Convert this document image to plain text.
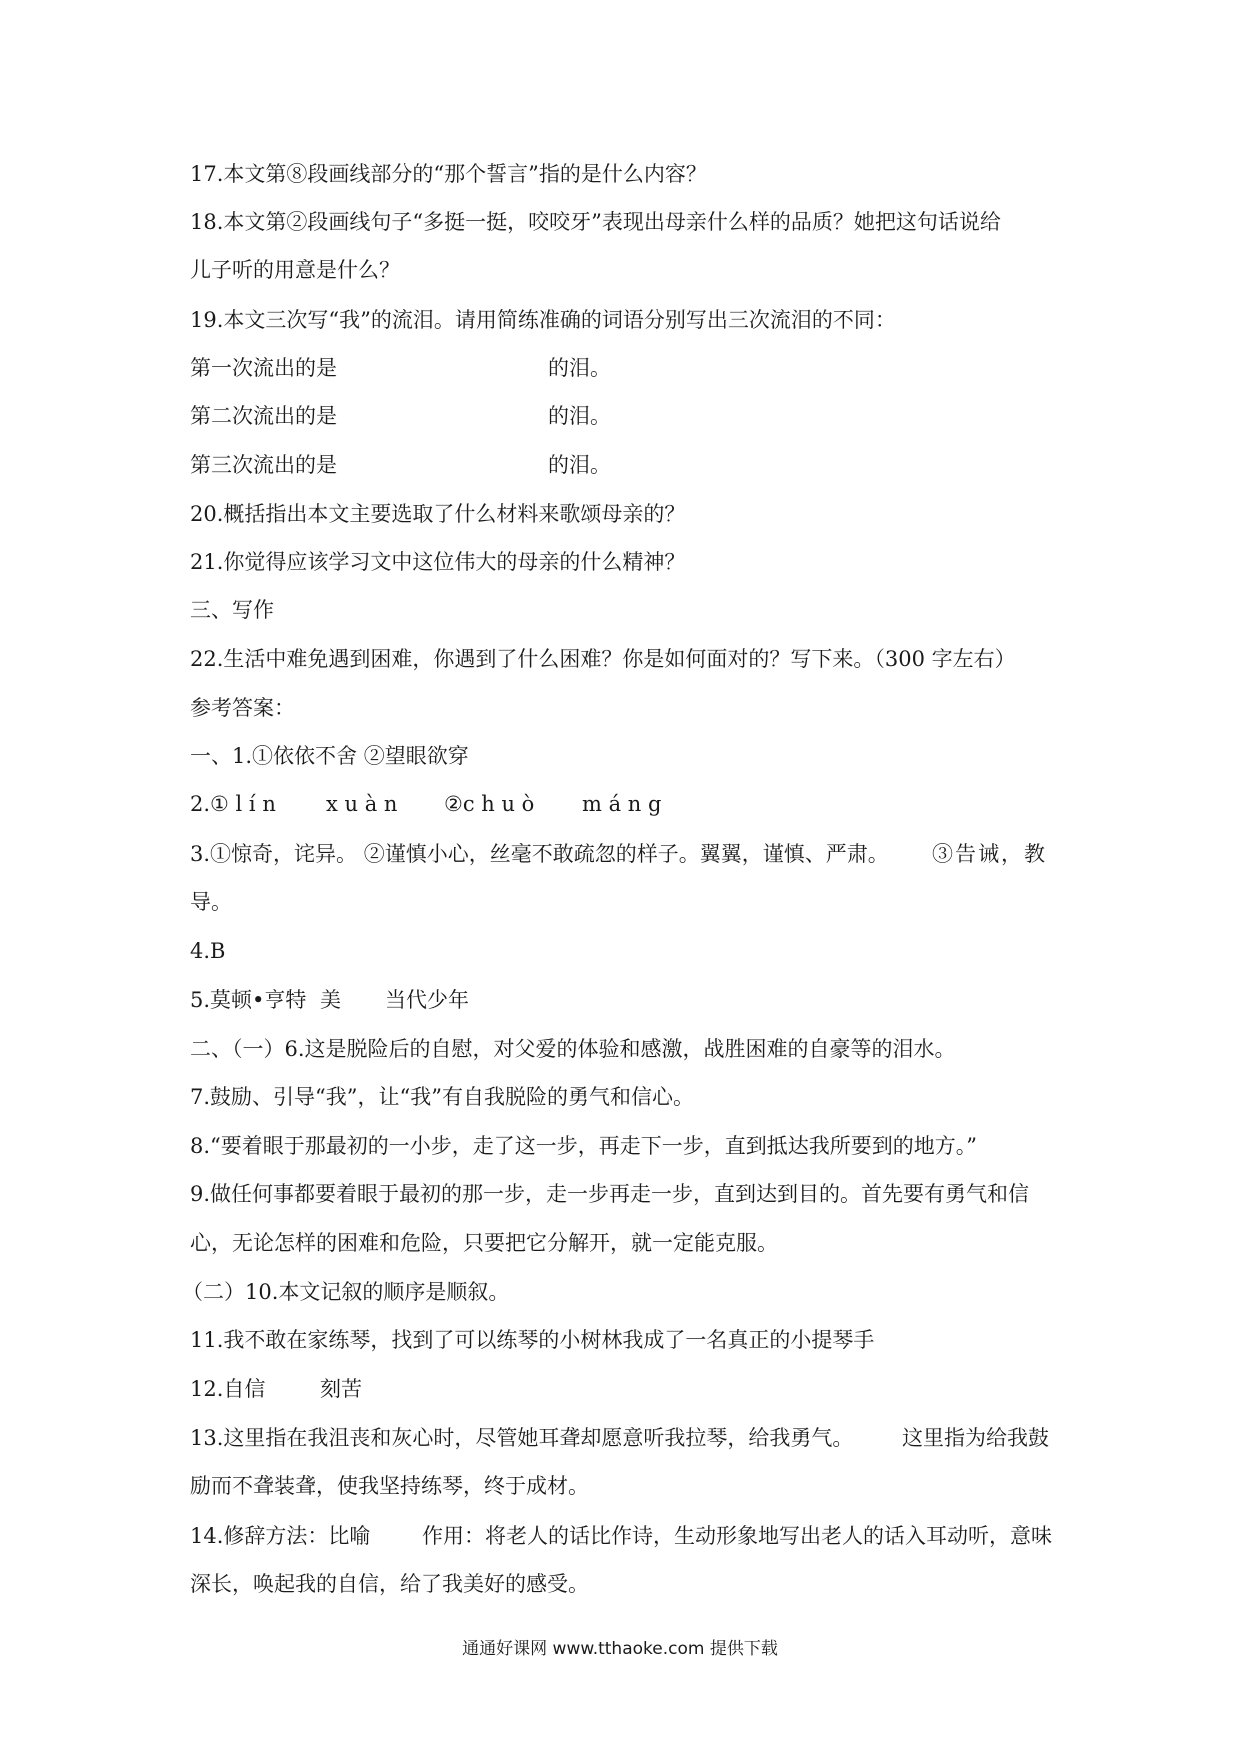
17.本文第⑧段画线部分的“那个誓言”指的是什么内容？
18.本文第②段画线句子“多挺一挺，咬咬牙”表现出母亲什么样的品质？她把这句话说给
儿子听的用意是什么？
19.本文三次写“我”的流泪。请用简练准确的词语分别写出三次流泪的不同：
第一次流出的是	的泪。
第二次流出的是	的泪。
第三次流出的是	的泪。
20.概括指出本文主要选取了什么材料来歌颂母亲的？
21.你觉得应该学习文中这位伟大的母亲的什么精神？
三、写作
22.生活中难免遇到困难，你遇到了什么困难？你是如何面对的？写下来。（300 字左右）
参考答案：
一、1.①依依不舍 ②望眼欲穿
2.① l í n x u à n ②c h u ò m á n g
3.①惊奇，诧异。 ②谨慎小心，丝毫不敢疏忽的样子。翼翼，谨慎、严肃。 ③告诫，教
导。
4.B
5.莫顿•亨特 美 当代少年
二、（一）6.这是脱险后的自慰，对父爱的体验和感激，战胜困难的自豪等的泪水。
7.鼓励、引导“我”，让“我”有自我脱险的勇气和信心。
8.“要着眼于那最初的一小步，走了这一步，再走下一步，直到抵达我所要到的地方。”
9.做任何事都要着眼于最初的那一步，走一步再走一步，直到达到目的。首先要有勇气和信
心，无论怎样的困难和危险，只要把它分解开，就一定能克服。
（二）10.本文记叙的顺序是顺叙。
11.我不敢在家练琴，找到了可以练琴的小树林我成了一名真正的小提琴手
12.自信	刻苦
13.这里指在我沮丧和灰心时，尽管她耳聋却愿意听我拉琴，给我勇气。 这里指为给我鼓
励而不聋装聋，使我坚持练琴，终于成材。
14.修辞方法：比喻 作用：将老人的话比作诗，生动形象地写出老人的话入耳动听，意味
深长，唤起我的自信，给了我美好的感受。
通通好课网 www.tthaoke.com 提供下载
